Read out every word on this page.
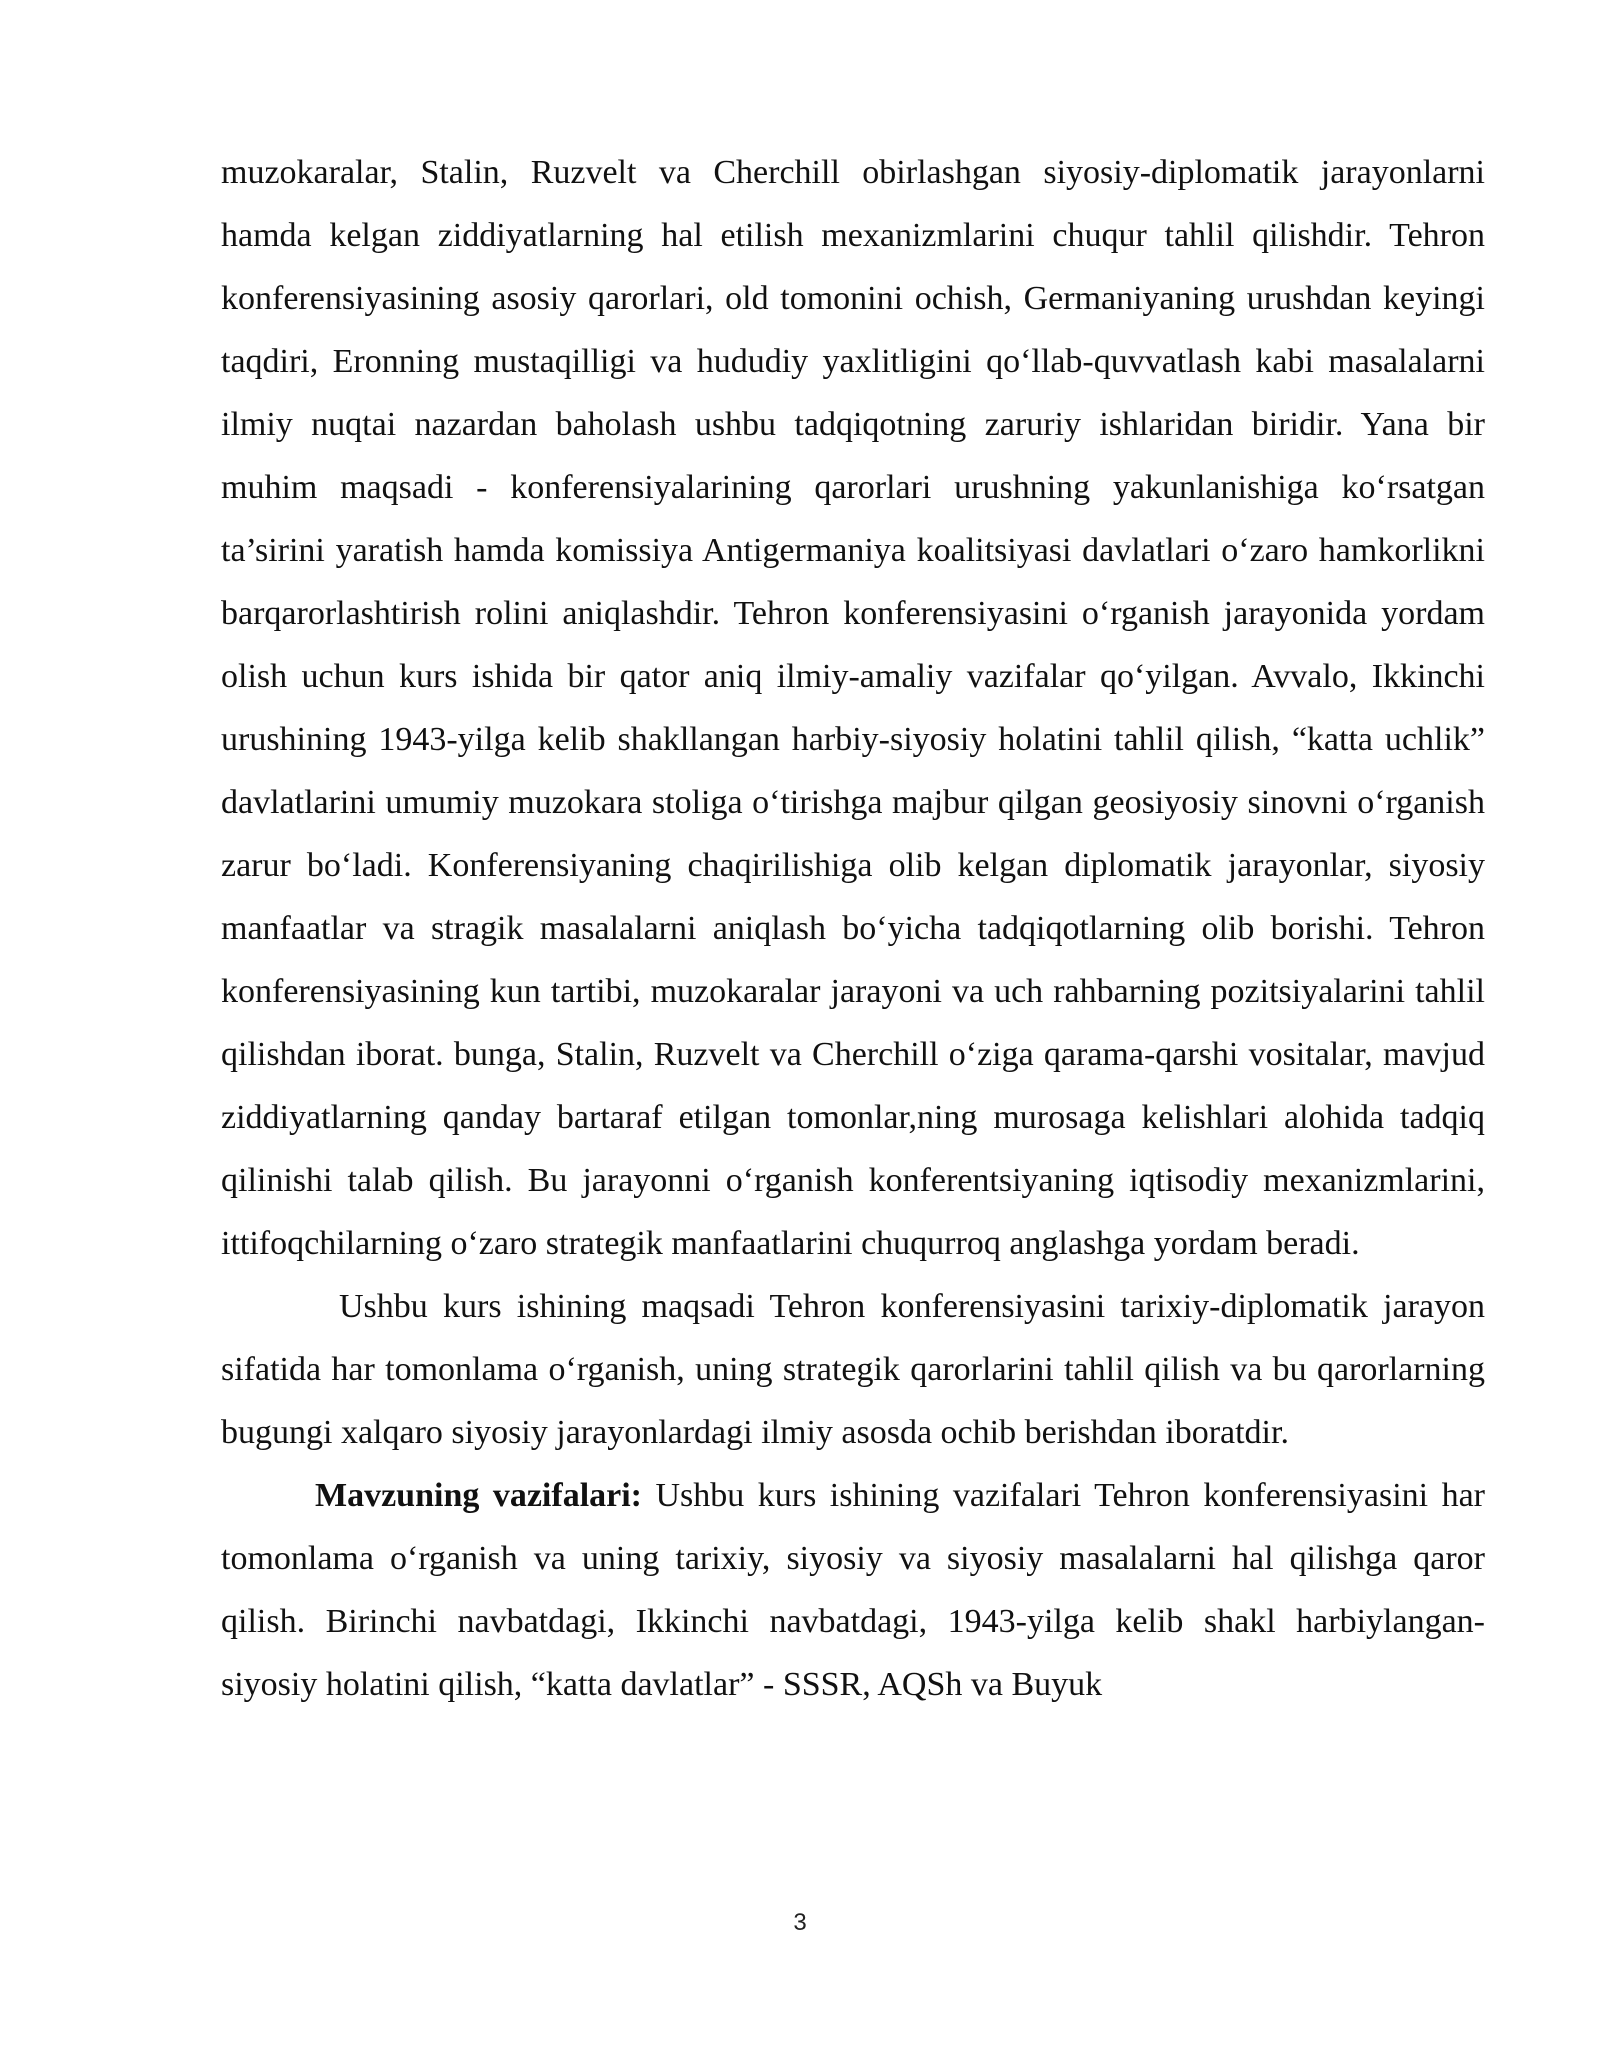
muzokaralar, Stalin, Ruzvelt va Cherchill obirlashgan siyosiy-diplomatik jarayonlarni hamda kelgan ziddiyatlarning hal etilish mexanizmlarini chuqur tahlil qilishdir. Tehron konferensiyasining asosiy qarorlari, old tomonini ochish, Germaniyaning urushdan keyingi taqdiri, Eronning mustaqilligi va hududiy yaxlitligini qo‘llab-quvvatlash kabi masalalarni ilmiy nuqtai nazardan baholash ushbu tadqiqotning zaruriy ishlaridan biridir. Yana bir muhim maqsadi - konferensiyalarining qarorlari urushning yakunlanishiga ko‘rsatgan ta’sirini yaratish hamda komissiya Antigermaniya koalitsiyasi davlatlari o‘zaro hamkorlikni barqarorlashtirish rolini aniqlashdir. Tehron konferensiyasini o‘rganish jarayonida yordam olish uchun kurs ishida bir qator aniq ilmiy-amaliy vazifalar qo‘yilgan. Avvalo, Ikkinchi urushining 1943-yilga kelib shakllangan harbiy-siyosiy holatini tahlil qilish, “katta uchlik” davlatlarini umumiy muzokara stoliga o‘tirishga majbur qilgan geosiyosiy sinovni o‘rganish zarur bo‘ladi. Konferensiyaning chaqirilishiga olib kelgan diplomatik jarayonlar, siyosiy manfaatlar va stragik masalalarni aniqlash bo‘yicha tadqiqotlarning olib borishi. Tehron konferensiyasining kun tartibi, muzokaralar jarayoni va uch rahbarning pozitsiyalarini tahlil qilishdan iborat. bunga, Stalin, Ruzvelt va Cherchill o‘ziga qarama-qarshi vositalar, mavjud ziddiyatlarning qanday bartaraf etilgan tomonlar,ning murosaga kelishlari alohida tadqiq qilinishi talab qilish. Bu jarayonni o‘rganish konferentsiyaning iqtisodiy mexanizmlarini, ittifoqchilarning o‘zaro strategik manfaatlarini chuqurroq anglashga yordam beradi.

Ushbu kurs ishining maqsadi Tehron konferensiyasini tarixiy-diplomatik jarayon sifatida har tomonlama o‘rganish, uning strategik qarorlarini tahlil qilish va bu qarorlarning bugungi xalqaro siyosiy jarayonlardagi ilmiy asosda ochib berishdan iboratdir.

Mavzuning vazifalari: Ushbu kurs ishining vazifalari Tehron konferensiyasini har tomonlama o‘rganish va uning tarixiy, siyosiy va siyosiy masalalarni hal qilishga qaror qilish. Birinchi navbatdagi, Ikkinchi navbatdagi, 1943-yilga kelib shakl harbiylangan-siyosiy holatini qilish, “katta davlatlar” - SSSR, AQSh va Buyuk

3
